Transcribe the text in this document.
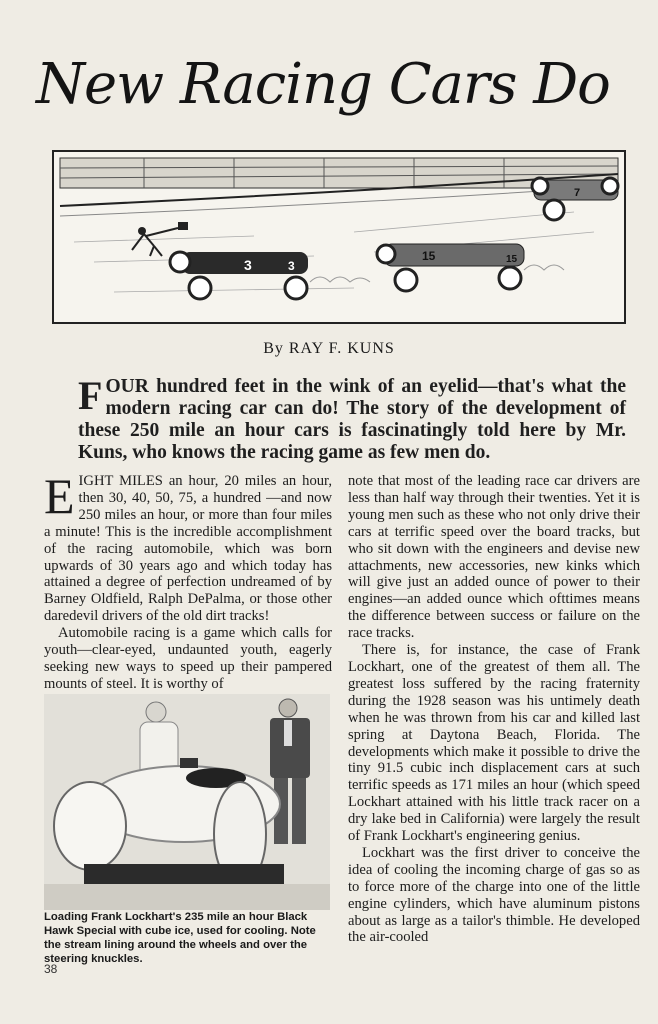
New Racing Cars Do
3	3
15	15
7
By RAY F. KUNS
F OUR hundred feet in the wink of an eyelid—that's what the modern racing car can do! The story of the development of these 250 mile an hour cars is fascinatingly told here by Mr. Kuns, who knows the racing game as few men do.

EIGHT MILES an hour, 20 miles an hour, then 30, 40, 50, 75, a hundred —and now 250 miles an hour, or more than four miles a minute! This is the incredible accomplishment of the racing automobile, which was born upwards of 30 years ago and which today has attained a degree of perfection undreamed of by Barney Oldfield, Ralph DePalma, or those other daredevil drivers of the old dirt tracks!

Automobile racing is a game which calls for youth—clear-eyed, undaunted youth, eagerly seeking new ways to speed up their pampered mounts of steel. It is worthy of

Loading Frank Lockhart's 235 mile an hour Black Hawk Special with cube ice, used for cooling. Note the stream lining around the wheels and over the steering knuckles.
38

note that most of the leading race car drivers are less than half way through their twenties. Yet it is young men such as these who not only drive their cars at terrific speed over the board tracks, but who sit down with the engineers and devise new attachments, new accessories, new kinks which will give just an added ounce of power to their engines—an added ounce which ofttimes means the difference between success or failure on the race tracks.

There is, for instance, the case of Frank Lockhart, one of the greatest of them all. The greatest loss suffered by the racing fraternity during the 1928 season was his untimely death when he was thrown from his car and killed last spring at Daytona Beach, Florida. The developments which make it possible to drive the tiny 91.5 cubic inch displacement cars at such terrific speeds as 171 miles an hour (which speed Lockhart attained with his little track racer on a dry lake bed in California) were largely the result of Frank Lockhart's engineering genius.

Lockhart was the first driver to conceive the idea of cooling the incoming charge of gas so as to force more of the charge into one of the little engine cylinders, which have aluminum pistons about as large as a tailor's thimble. He developed the air-cooled
